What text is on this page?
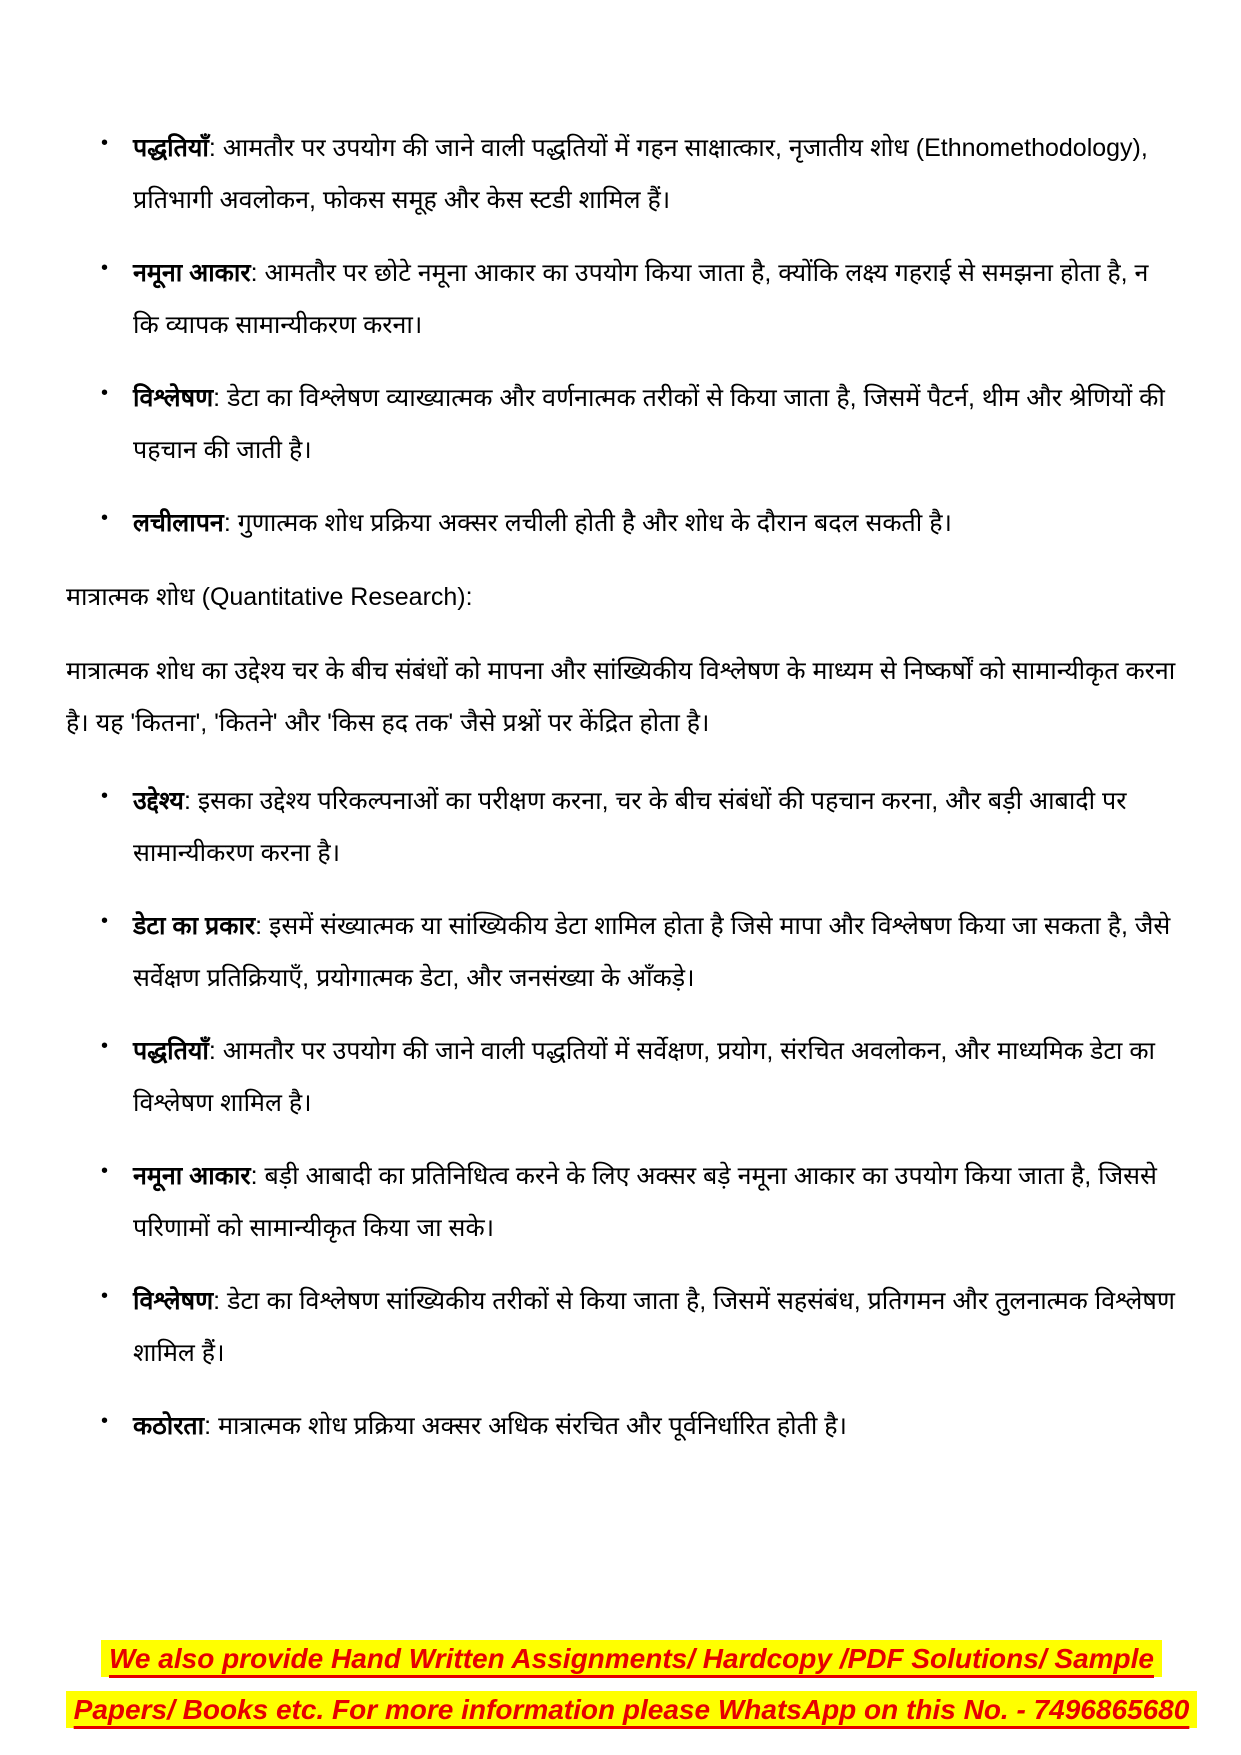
• पद्धतियाँ: आमतौर पर उपयोग की जाने वाली पद्धतियों में गहन साक्षात्कार, नृजातीय शोध (Ethnomethodology), प्रतिभागी अवलोकन, फोकस समूह और केस स्टडी शामिल हैं।
• नमूना आकार: आमतौर पर छोटे नमूना आकार का उपयोग किया जाता है, क्योंकि लक्ष्य गहराई से समझना होता है, न कि व्यापक सामान्यीकरण करना।
• विश्लेषण: डेटा का विश्लेषण व्याख्यात्मक और वर्णनात्मक तरीकों से किया जाता है, जिसमें पैटर्न, थीम और श्रेणियों की पहचान की जाती है।
• लचीलापन: गुणात्मक शोध प्रक्रिया अक्सर लचीली होती है और शोध के दौरान बदल सकती है।
मात्रात्मक शोध (Quantitative Research):
मात्रात्मक शोध का उद्देश्य चर के बीच संबंधों को मापना और सांख्यिकीय विश्लेषण के माध्यम से निष्कर्षों को सामान्यीकृत करना है। यह 'कितना', 'कितने' और 'किस हद तक' जैसे प्रश्नों पर केंद्रित होता है।
• उद्देश्य: इसका उद्देश्य परिकल्पनाओं का परीक्षण करना, चर के बीच संबंधों की पहचान करना, और बड़ी आबादी पर सामान्यीकरण करना है।
• डेटा का प्रकार: इसमें संख्यात्मक या सांख्यिकीय डेटा शामिल होता है जिसे मापा और विश्लेषण किया जा सकता है, जैसे सर्वेक्षण प्रतिक्रियाएँ, प्रयोगात्मक डेटा, और जनसंख्या के आँकड़े।
• पद्धतियाँ: आमतौर पर उपयोग की जाने वाली पद्धतियों में सर्वेक्षण, प्रयोग, संरचित अवलोकन, और माध्यमिक डेटा का विश्लेषण शामिल है।
• नमूना आकार: बड़ी आबादी का प्रतिनिधित्व करने के लिए अक्सर बड़े नमूना आकार का उपयोग किया जाता है, जिससे परिणामों को सामान्यीकृत किया जा सके।
• विश्लेषण: डेटा का विश्लेषण सांख्यिकीय तरीकों से किया जाता है, जिसमें सहसंबंध, प्रतिगमन और तुलनात्मक विश्लेषण शामिल हैं।
• कठोरता: मात्रात्मक शोध प्रक्रिया अक्सर अधिक संरचित और पूर्वनिर्धारित होती है।
We also provide Hand Written Assignments/ Hardcopy /PDF Solutions/ Sample Papers/ Books etc. For more information please WhatsApp on this No. - 7496865680
